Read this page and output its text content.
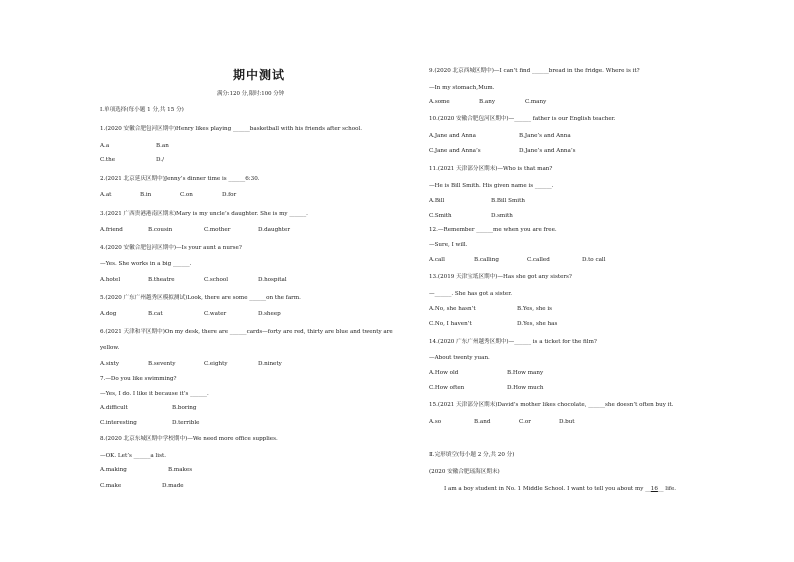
期中测试
满分:120 分,限时:100 分钟
Ⅰ.单项选择(每小题 1 分,共 15 分)
1.(2020 安徽合肥包河区期中)Henry likes playing ______basketball with his friends after school.
A.a	B.an
C.the	D./
2.(2021 北京延庆区期中)Jenny’s dinner time is ______6:30.
A.at	B.in	C.on	D.for
3.(2021 广西贵港港南区期末)Mary is my uncle’s daughter. She is my ______.
A.friend	B.cousin	C.mother	D.daughter
4.(2020 安徽合肥包河区期中)—Is your aunt a nurse?
—Yes. She works in a big ______.
A.hotel	B.theatre	C.school	D.hospital
5.(2020 广东广州越秀区模拟测试)Look, there are some ______on the farm.
A.dog	B.cat	C.water	D.sheep
6.(2021 天津和平区期中)On my desk, there are ______cards—forty are red, thirty are blue and twenty are
yellow.
A.sixty	B.seventy	C.eighty	D.ninety
7.—Do you like swimming?
—Yes, I do. I like it because it’s ______.
A.difficult	B.boring
C.interesting	D.terrible
8.(2020 北京东城区期中学校期中)—We need more office supplies.
—OK. Let’s ______a list.
A.making	B.makes
C.make	D.made
9.(2020 北京西城区期中)—I can’t find ______bread in the fridge. Where is it?
—In my stomach,Mum.
A.some	B.any	C.many
10.(2020 安徽合肥包河区期中)—______ father is our English teacher.
A.Jane and Anna	B.Jane’s and Anna
C.Jane and Anna’s	D.Jane’s and Anna’s
11.(2021 天津部分区期末)—Who is that man?
—He is Bill Smith. His given name is ______.
A.Bill	B.Bill Smith
C.Smith	D.smith
12.—Remember ______me when you are free.
—Sure, I will.
A.call	B.calling	C.called	D.to call
13.(2019 天津宝坻区期中)—Has she got any sisters?
—______. She has got a sister.
A.No, she hasn’t	B.Yes, she is
C.No, I haven’t	D.Yes, she has
14.(2020 广东广州越秀区期中)—______ is a ticket for the film?
—About twenty yuan.
A.How old	B.How many
C.How often	D.How much
15.(2021 天津部分区期末)David’s mother likes chocolate, ______she doesn’t often buy it.
A.so	B.and	C.or	D.but
Ⅱ.完形填空(每小题 2 分,共 20 分)
(2020 安徽合肥瑶海区期末)
I am a boy student in No. 1 Middle School. I want to tell you about my __16__ life.
